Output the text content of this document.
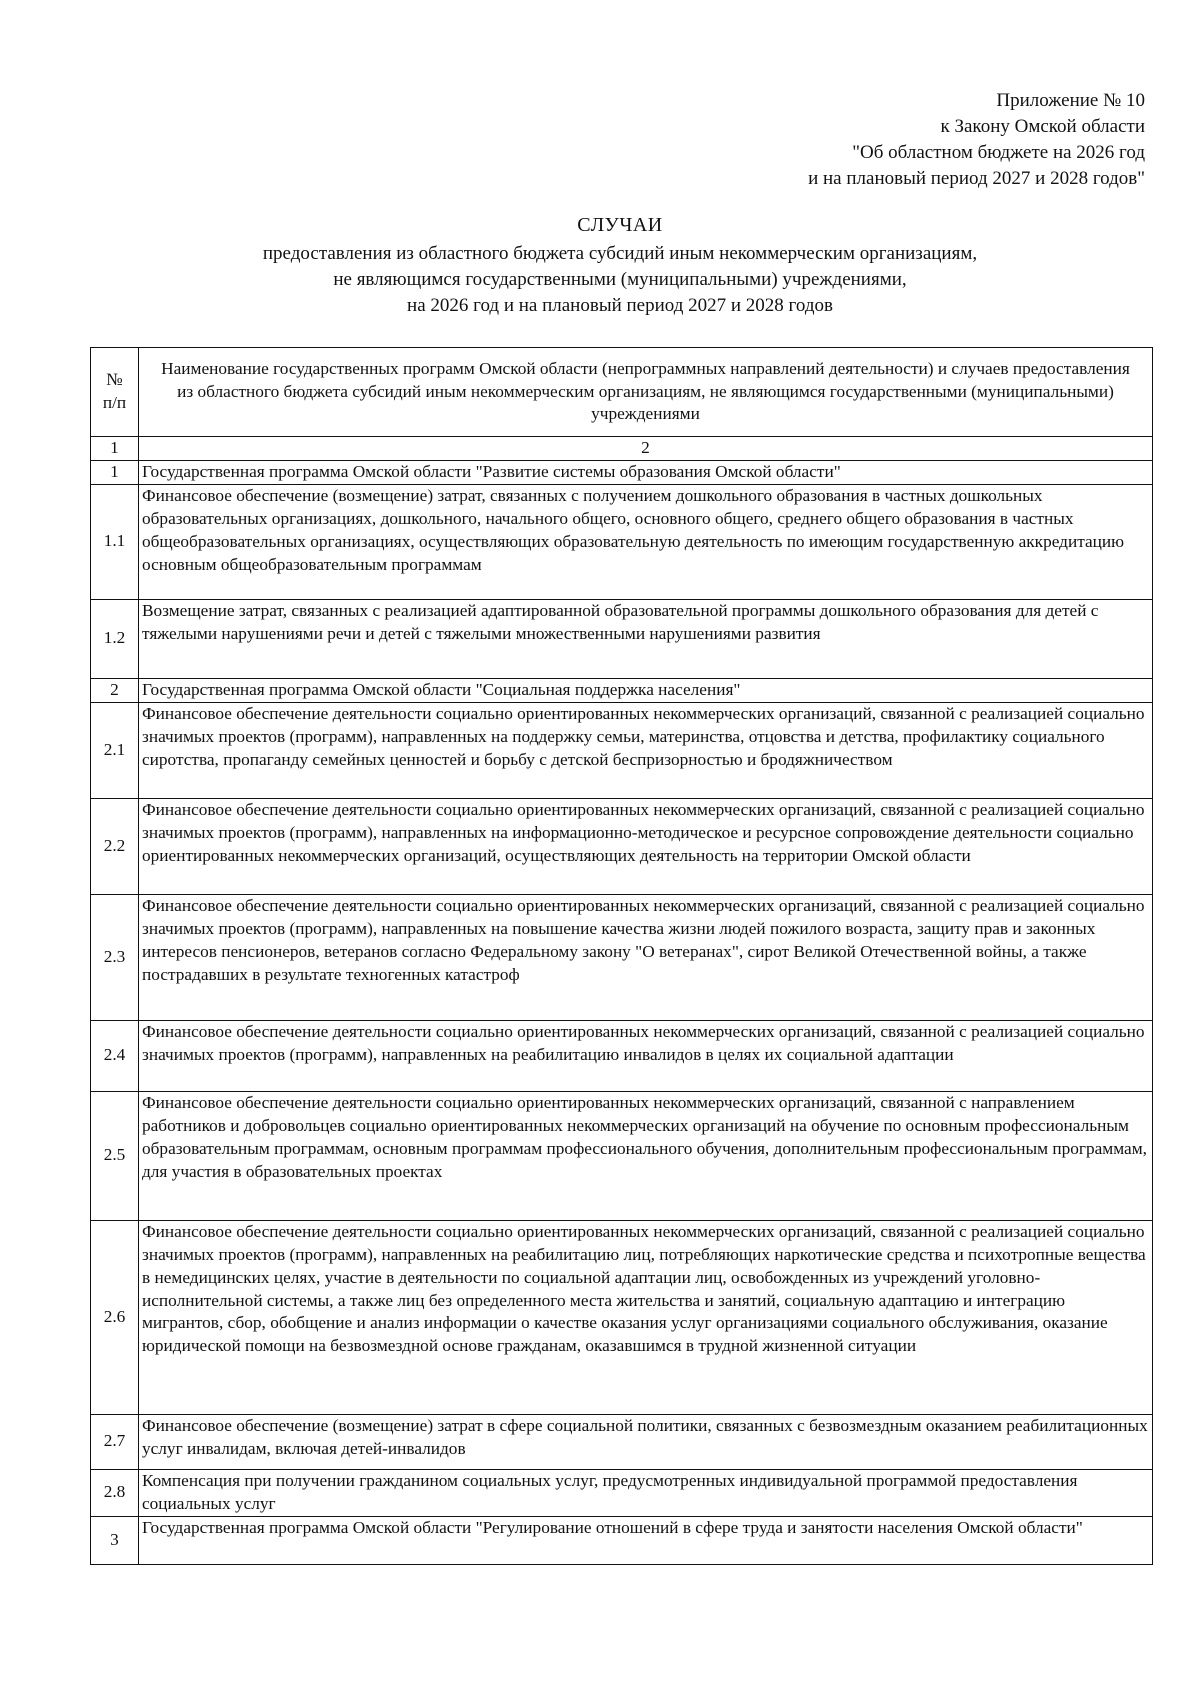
Приложение № 10
к Закону Омской области
"Об областном бюджете на 2026 год
и на плановый период 2027 и 2028 годов"
СЛУЧАИ
предоставления из областного бюджета субсидий иным некоммерческим организациям,
не являющимся государственными (муниципальными) учреждениями,
на 2026 год и на плановый период 2027 и 2028 годов
№ п/п	Наименование государственных программ Омской области (непрограммных направлений деятельности) и случаев предоставления из областного бюджета субсидий иным некоммерческим организациям, не являющимся государственными (муниципальными) учреждениями
1	2
1	Государственная программа Омской области "Развитие системы образования Омской области"
1.1	Финансовое обеспечение (возмещение) затрат, связанных с получением дошкольного образования в частных дошкольных образовательных организациях, дошкольного, начального общего, основного общего, среднего общего образования в частных общеобразовательных организациях, осуществляющих образовательную деятельность по имеющим государственную аккредитацию основным общеобразовательным программам
1.2	Возмещение затрат, связанных с реализацией адаптированной образовательной программы дошкольного образования для детей с тяжелыми нарушениями речи и детей с тяжелыми множественными нарушениями развития
2	Государственная программа Омской области "Социальная поддержка населения"
2.1	Финансовое обеспечение деятельности социально ориентированных некоммерческих организаций, связанной с реализацией социально значимых проектов (программ), направленных на поддержку семьи, материнства, отцовства и детства, профилактику социального сиротства, пропаганду семейных ценностей и борьбу с детской беспризорностью и бродяжничеством
2.2	Финансовое обеспечение деятельности социально ориентированных некоммерческих организаций, связанной с реализацией социально значимых проектов (программ), направленных на информационно-методическое и ресурсное сопровождение деятельности социально ориентированных некоммерческих организаций, осуществляющих деятельность на территории Омской области
2.3	Финансовое обеспечение деятельности социально ориентированных некоммерческих организаций, связанной с реализацией социально значимых проектов (программ), направленных на повышение качества жизни людей пожилого возраста, защиту прав и законных интересов пенсионеров, ветеранов согласно Федеральному закону "О ветеранах", сирот Великой Отечественной войны, а также пострадавших в результате техногенных катастроф
2.4	Финансовое обеспечение деятельности социально ориентированных некоммерческих организаций, связанной с реализацией социально значимых проектов (программ), направленных на реабилитацию инвалидов в целях их социальной адаптации
2.5	Финансовое обеспечение деятельности социально ориентированных некоммерческих организаций, связанной с направлением работников и добровольцев социально ориентированных некоммерческих организаций на обучение по основным профессиональным образовательным программам, основным программам профессионального обучения, дополнительным профессиональным программам, для участия в образовательных проектах
2.6	Финансовое обеспечение деятельности социально ориентированных некоммерческих организаций, связанной с реализацией социально значимых проектов (программ), направленных на реабилитацию лиц, потребляющих наркотические средства и психотропные вещества в немедицинских целях, участие в деятельности по социальной адаптации лиц, освобожденных из учреждений уголовно-исполнительной системы, а также лиц без определенного места жительства и занятий, социальную адаптацию и интеграцию мигрантов, сбор, обобщение и анализ информации о качестве оказания услуг организациями социального обслуживания, оказание юридической помощи на безвозмездной основе гражданам, оказавшимся в трудной жизненной ситуации
2.7	Финансовое обеспечение (возмещение) затрат в сфере социальной политики, связанных с безвозмездным оказанием реабилитационных услуг инвалидам, включая детей-инвалидов
2.8	Компенсация при получении гражданином социальных услуг, предусмотренных индивидуальной программой предоставления социальных услуг
3	Государственная программа Омской области "Регулирование отношений в сфере труда и занятости населения Омской области"
